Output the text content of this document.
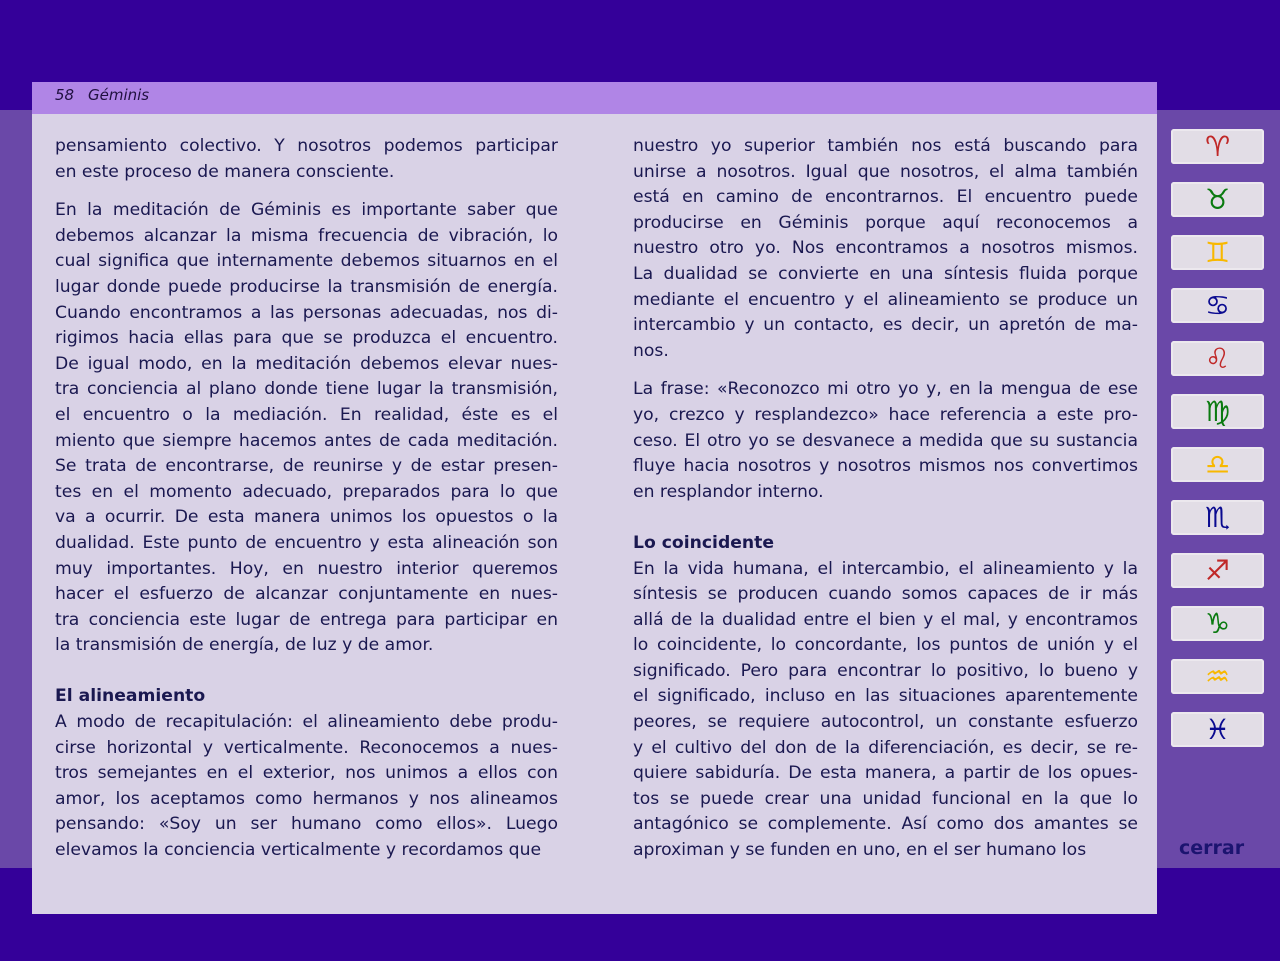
58 Géminis
pensamiento colectivo. Y nosotros podemos participar
en este proceso de manera consciente.
En la meditación de Géminis es importante saber que
debemos alcanzar la misma frecuencia de vibración, lo
cual significa que internamente debemos situarnos en el
lugar donde puede producirse la transmisión de energía.
Cuando encontramos a las personas adecuadas, nos di-
rigimos hacia ellas para que se produzca el encuentro.
De igual modo, en la meditación debemos elevar nues-
tra conciencia al plano donde tiene lugar la transmisión,
el encuentro o la mediación. En realidad, éste es el
miento que siempre hacemos antes de cada meditación.
Se trata de encontrarse, de reunirse y de estar presen-
tes en el momento adecuado, preparados para lo que
va a ocurrir. De esta manera unimos los opuestos o la
dualidad. Este punto de encuentro y esta alineación son
muy importantes. Hoy, en nuestro interior queremos
hacer el esfuerzo de alcanzar conjuntamente en nues-
tra conciencia este lugar de entrega para participar en
la transmisión de energía, de luz y de amor.
El alineamiento
A modo de recapitulación: el alineamiento debe produ-
cirse horizontal y verticalmente. Reconocemos a nues-
tros semejantes en el exterior, nos unimos a ellos con
amor, los aceptamos como hermanos y nos alineamos
pensando: «Soy un ser humano como ellos». Luego
elevamos la conciencia verticalmente y recordamos que
nuestro yo superior también nos está buscando para
unirse a nosotros. Igual que nosotros, el alma también
está en camino de encontrarnos. El encuentro puede
producirse en Géminis porque aquí reconocemos a
nuestro otro yo. Nos encontramos a nosotros mismos.
La dualidad se convierte en una síntesis fluida porque
mediante el encuentro y el alineamiento se produce un
intercambio y un contacto, es decir, un apretón de ma-
nos.
La frase: «Reconozco mi otro yo y, en la mengua de ese
yo, crezco y resplandezco» hace referencia a este pro-
ceso. El otro yo se desvanece a medida que su sustancia
fluye hacia nosotros y nosotros mismos nos convertimos
en resplandor interno.
Lo coincidente
En la vida humana, el intercambio, el alineamiento y la
síntesis se producen cuando somos capaces de ir más
allá de la dualidad entre el bien y el mal, y encontramos
lo coincidente, lo concordante, los puntos de unión y el
significado. Pero para encontrar lo positivo, lo bueno y
el significado, incluso en las situaciones aparentemente
peores, se requiere autocontrol, un constante esfuerzo
y el cultivo del don de la diferenciación, es decir, se re-
quiere sabiduría. De esta manera, a partir de los opues-
tos se puede crear una unidad funcional en la que lo
antagónico se complemente. Así como dos amantes se
aproximan y se funden en uno, en el ser humano los
♈︎
♉︎
♊︎
♋︎
♌︎
♍︎
♎︎
♏︎
♐︎
♑︎
♒︎
♓︎
cerrar
